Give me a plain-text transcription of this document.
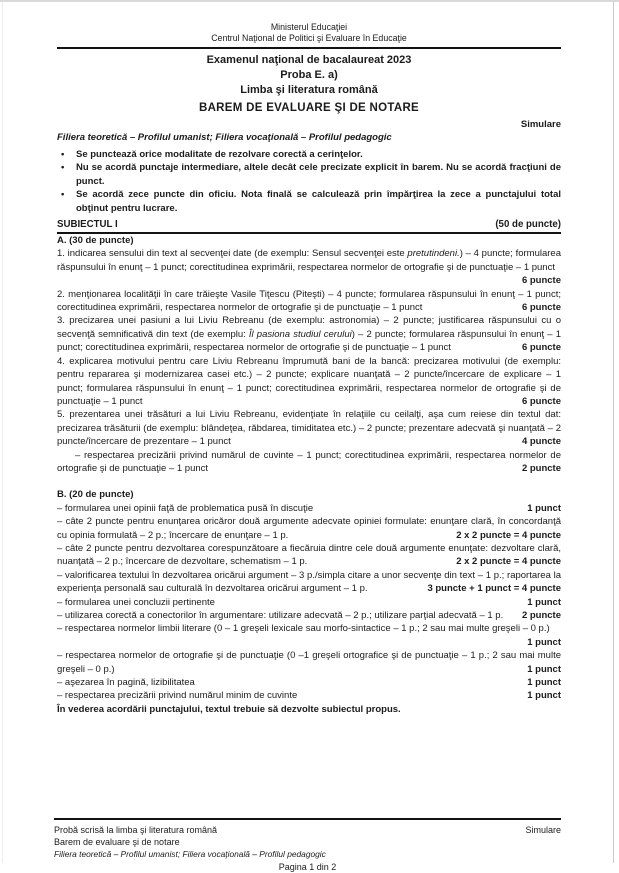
Ministerul Educaţiei
Centrul Naţional de Politici şi Evaluare în Educaţie
Examenul naţional de bacalaureat 2023
Proba E. a)
Limba şi literatura română
BAREM DE EVALUARE ŞI DE NOTARE
Simulare
Filiera teoretică – Profilul umanist; Filiera vocaţională – Profilul pedagogic
• Se punctează orice modalitate de rezolvare corectă a cerinţelor.
• Nu se acordă punctaje intermediare, altele decât cele precizate explicit în barem. Nu se acordă fracţiuni de punct.
• Se acordă zece puncte din oficiu. Nota finală se calculează prin împărţirea la zece a punctajului total obţinut pentru lucrare.
SUBIECTUL I	(50 de puncte)
A. (30 de puncte)

1. indicarea sensului din text al secvenţei date (de exemplu: Sensul secvenţei este pretutindeni.) – 4 puncte; formularea răspunsului în enunţ – 1 punct; corectitudinea exprimării, respectarea normelor de ortografie şi de punctuaţie – 1 punct
6 puncte

2. menţionarea localităţii în care trăieşte Vasile Tiţescu (Piteşti) – 4 puncte; formularea răspunsului în enunţ – 1 punct; corectitudinea exprimării, respectarea normelor de ortografie şi de punctuaţie – 1 punct	6 puncte

3. precizarea unei pasiuni a lui Liviu Rebreanu (de exemplu: astronomia) – 2 puncte; justificarea răspunsului cu o secvenţă semnificativă din text (de exemplu: Îl pasiona studiul cerului) – 2 puncte; formularea răspunsului în enunţ – 1 punct; corectitudinea exprimării, respectarea normelor de ortografie şi de punctuaţie – 1 punct	6 puncte

4. explicarea motivului pentru care Liviu Rebreanu împrumută bani de la bancă: precizarea motivului (de exemplu: pentru repararea şi modernizarea casei etc.) – 2 puncte; explicare nuanţată – 2 puncte/încercare de explicare – 1 punct; formularea răspunsului în enunţ – 1 punct; corectitudinea exprimării, respectarea normelor de ortografie şi de punctuaţie – 1 punct	6 puncte

5. prezentarea unei trăsături a lui Liviu Rebreanu, evidenţiate în relaţiile cu ceilalţi, aşa cum reiese din textul dat: precizarea trăsăturii (de exemplu: blândeţea, răbdarea, timiditatea etc.) – 2 puncte; prezentare adecvată şi nuanţată – 2 puncte/încercare de prezentare – 1 punct	4 puncte

– respectarea precizării privind numărul de cuvinte – 1 punct; corectitudinea exprimării, respectarea normelor de ortografie şi de punctuaţie – 1 punct	2 puncte

B. (20 de puncte)

– formularea unei opinii faţă de problematica pusă în discuţie	1 punct

– câte 2 puncte pentru enunţarea oricăror două argumente adecvate opiniei formulate: enunţare clară, în concordanţă cu opinia formulată – 2 p.; încercare de enunţare – 1 p.	2 x 2 puncte = 4 puncte

– câte 2 puncte pentru dezvoltarea corespunzătoare a fiecăruia dintre cele două argumente enunţate: dezvoltare clară, nuanţată – 2 p.; încercare de dezvoltare, schematism – 1 p.	2 x 2 puncte = 4 puncte

– valorificarea textului în dezvoltarea oricărui argument – 3 p./simpla citare a unor secvenţe din text – 1 p.; raportarea la experienţa personală sau culturală în dezvoltarea oricărui argument – 1 p.	3 puncte + 1 punct = 4 puncte

– formularea unei concluzii pertinente	1 punct

– utilizarea corectă a conectorilor în argumentare: utilizare adecvată – 2 p.; utilizare parţial adecvată – 1 p. 2 puncte

– respectarea normelor limbii literare (0 – 1 greşeli lexicale sau morfo-sintactice – 1 p.; 2 sau mai multe greşeli – 0 p.)
1 punct

– respectarea normelor de ortografie şi de punctuaţie (0 –1 greşeli ortografice şi de punctuaţie – 1 p.; 2 sau mai multe greşeli – 0 p.)	1 punct

– aşezarea în pagină, lizibilitatea	1 punct

– respectarea precizării privind numărul minim de cuvinte	1 punct

În vederea acordării punctajului, textul trebuie să dezvolte subiectul propus.
Probă scrisă la limba şi literatura română	Simulare
Barem de evaluare şi de notare
Filiera teoretică – Profilul umanist; Filiera vocaţională – Profilul pedagogic
Pagina 1 din 2
